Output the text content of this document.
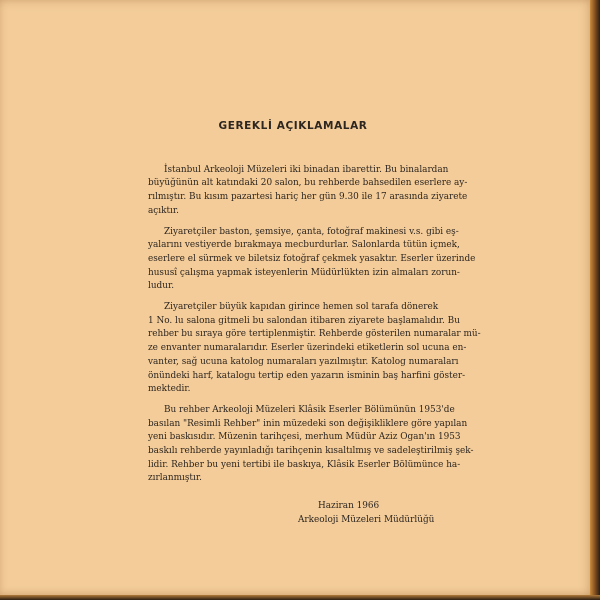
GEREKLİ AÇIKLAMALAR
İstanbul Arkeoloji Müzeleri iki binadan ibarettir. Bu binalardan
büyüğünün alt katındaki 20 salon, bu rehberde bahsedilen eserlere ay-
rılmıştır. Bu kısım pazartesi hariç her gün 9.30 ile 17 arasında ziyarete
açıktır.
Ziyaretçiler baston, şemsiye, çanta, fotoğraf makinesi v.s. gibi eş-
yalarını vestiyerde bırakmaya mecburdurlar. Salonlarda tütün içmek,
eserlere el sürmek ve biletsiz fotoğraf çekmek yasaktır. Eserler üzerinde
hususî çalışma yapmak isteyenlerin Müdürlükten izin almaları zorun-
ludur.
Ziyaretçiler büyük kapıdan girince hemen sol tarafa dönerek
1 No. lu salona gitmeli bu salondan itibaren ziyarete başlamalıdır. Bu
rehber bu sıraya göre tertiplenmiştir. Rehberde gösterilen numaralar mü-
ze envanter numaralarıdır. Eserler üzerindeki etiketlerin sol ucuna en-
vanter, sağ ucuna katolog numaraları yazılmıştır. Katolog numaraları
önündeki harf, katalogu tertip eden yazarın isminin baş harfini göster-
mektedir.
Bu rehber Arkeoloji Müzeleri Klâsik Eserler Bölümünün 1953'de
basılan "Resimli Rehber" inin müzedeki son değişikliklere göre yapılan
yeni baskısıdır. Müzenin tarihçesi, merhum Müdür Aziz Ogan'ın 1953
baskılı rehberde yayınladığı tarihçenin kısaltılmış ve sadeleştirilmiş şek-
lidir. Rehber bu yeni tertibi ile baskıya, Klâsik Eserler Bölümünce ha-
zırlanmıştır.
Haziran 1966
Arkeoloji Müzeleri Müdürlüğü
